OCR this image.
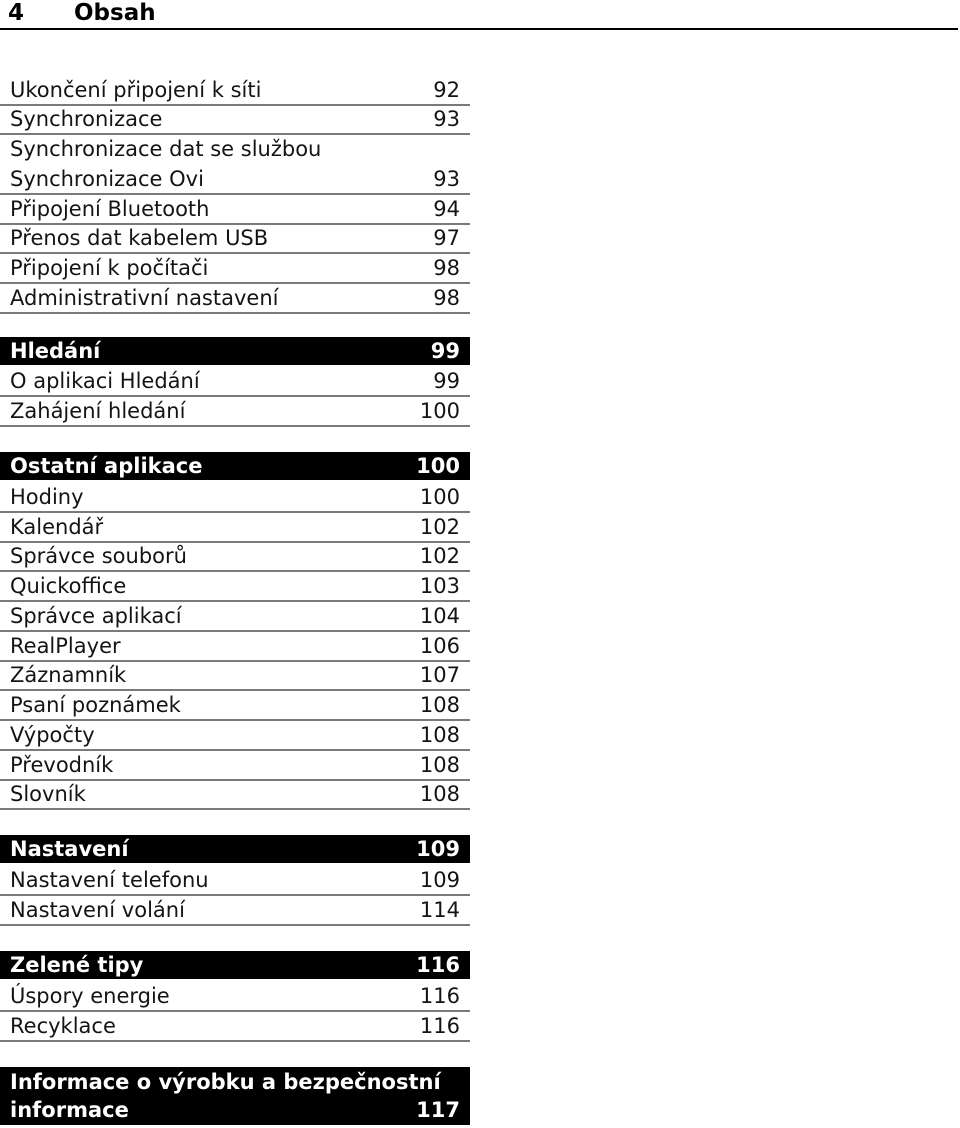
4 Obsah
Ukončení připojení k síti	92
Synchronizace	93
Synchronizace dat se službou
Synchronizace Ovi	93
Připojení Bluetooth	94
Přenos dat kabelem USB	97
Připojení k počítači	98
Administrativní nastavení	98
Hledání	99
O aplikaci Hledání	99
Zahájení hledání	100
Ostatní aplikace	100
Hodiny	100
Kalendář	102
Správce souborů	102
Quickoffice	103
Správce aplikací	104
RealPlayer	106
Záznamník	107
Psaní poznámek	108
Výpočty	108
Převodník	108
Slovník	108
Nastavení	109
Nastavení telefonu	109
Nastavení volání	114
Zelené tipy	116
Úspory energie	116
Recyklace	116
Informace o výrobku a bezpečnostní
informace	117
